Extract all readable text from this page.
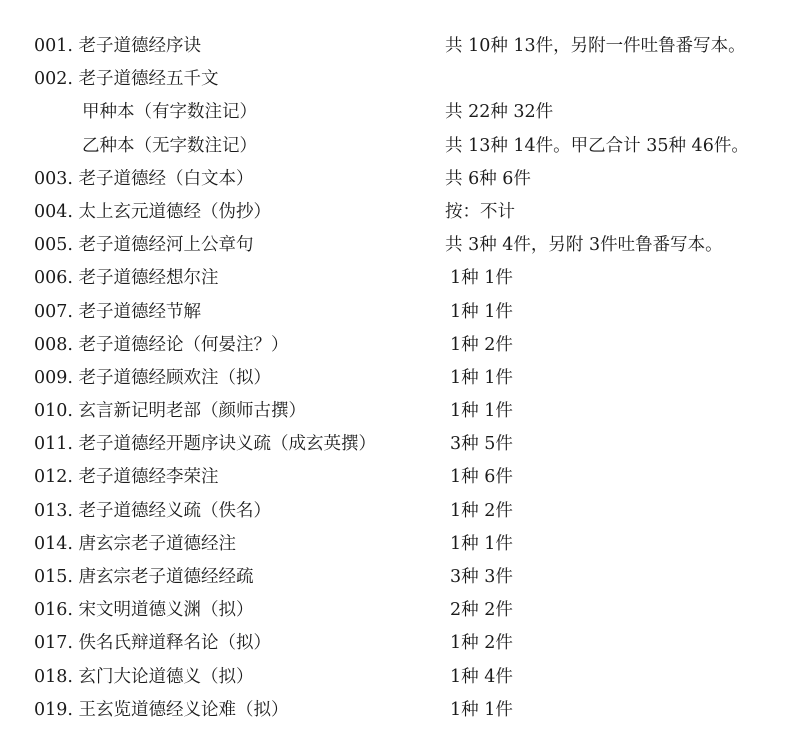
001. 老子道德经序诀	共 10种 13件，另附一件吐鲁番写本。
002. 老子道德经五千文
甲种本（有字数注记）	共 22种 32件
乙种本（无字数注记）	共 13种 14件。甲乙合计 35种 46件。
003. 老子道德经（白文本）	共 6种 6件
004. 太上玄元道德经（伪抄）	按：不计
005. 老子道德经河上公章句	共 3种 4件，另附 3件吐鲁番写本。
006. 老子道德经想尔注	1种 1件
007. 老子道德经节解	1种 1件
008. 老子道德经论（何晏注？）	1种 2件
009. 老子道德经顾欢注（拟）	1种 1件
010. 玄言新记明老部（颜师古撰）	1种 1件
011. 老子道德经开题序诀义疏（成玄英撰）	3种 5件
012. 老子道德经李荣注	1种 6件
013. 老子道德经义疏（佚名）	1种 2件
014. 唐玄宗老子道德经注	1种 1件
015. 唐玄宗老子道德经经疏	3种 3件
016. 宋文明道德义渊（拟）	2种 2件
017. 佚名氏辩道释名论（拟）	1种 2件
018. 玄门大论道德义（拟）	1种 4件
019. 王玄览道德经义论难（拟）	1种 1件
